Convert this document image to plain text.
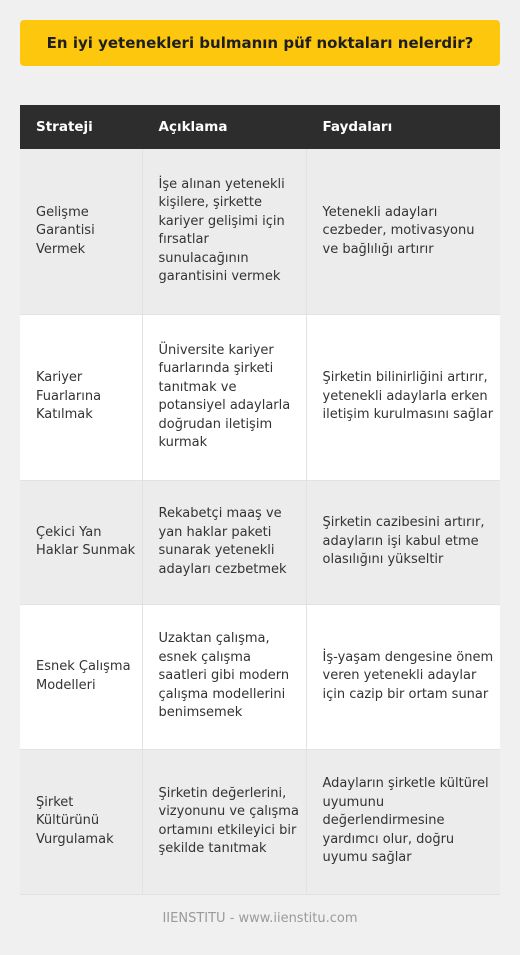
En iyi yetenekleri bulmanın püf noktaları nelerdir?
Strateji	Açıklama	Faydaları
Gelişme Garantisi Vermek	İşe alınan yetenekli kişilere, şirkette kariyer gelişimi için fırsatlar sunulacağının garantisini vermek	Yetenekli adayları cezbeder, motivasyonu ve bağlılığı artırır
Kariyer Fuarlarına Katılmak	Üniversite kariyer fuarlarında şirketi tanıtmak ve potansiyel adaylarla doğrudan iletişim kurmak	Şirketin bilinirliğini artırır, yetenekli adaylarla erken iletişim kurulmasını sağlar
Çekici Yan Haklar Sunmak	Rekabetçi maaş ve yan haklar paketi sunarak yetenekli adayları cezbetmek	Şirketin cazibesini artırır, adayların işi kabul etme olasılığını yükseltir
Esnek Çalışma Modelleri	Uzaktan çalışma, esnek çalışma saatleri gibi modern çalışma modellerini benimsemek	İş-yaşam dengesine önem veren yetenekli adaylar için cazip bir ortam sunar
Şirket Kültürünü Vurgulamak	Şirketin değerlerini, vizyonunu ve çalışma ortamını etkileyici bir şekilde tanıtmak	Adayların şirketle kültürel uyumunu değerlendirmesine yardımcı olur, doğru uyumu sağlar
IIENSTITU - www.iienstitu.com
